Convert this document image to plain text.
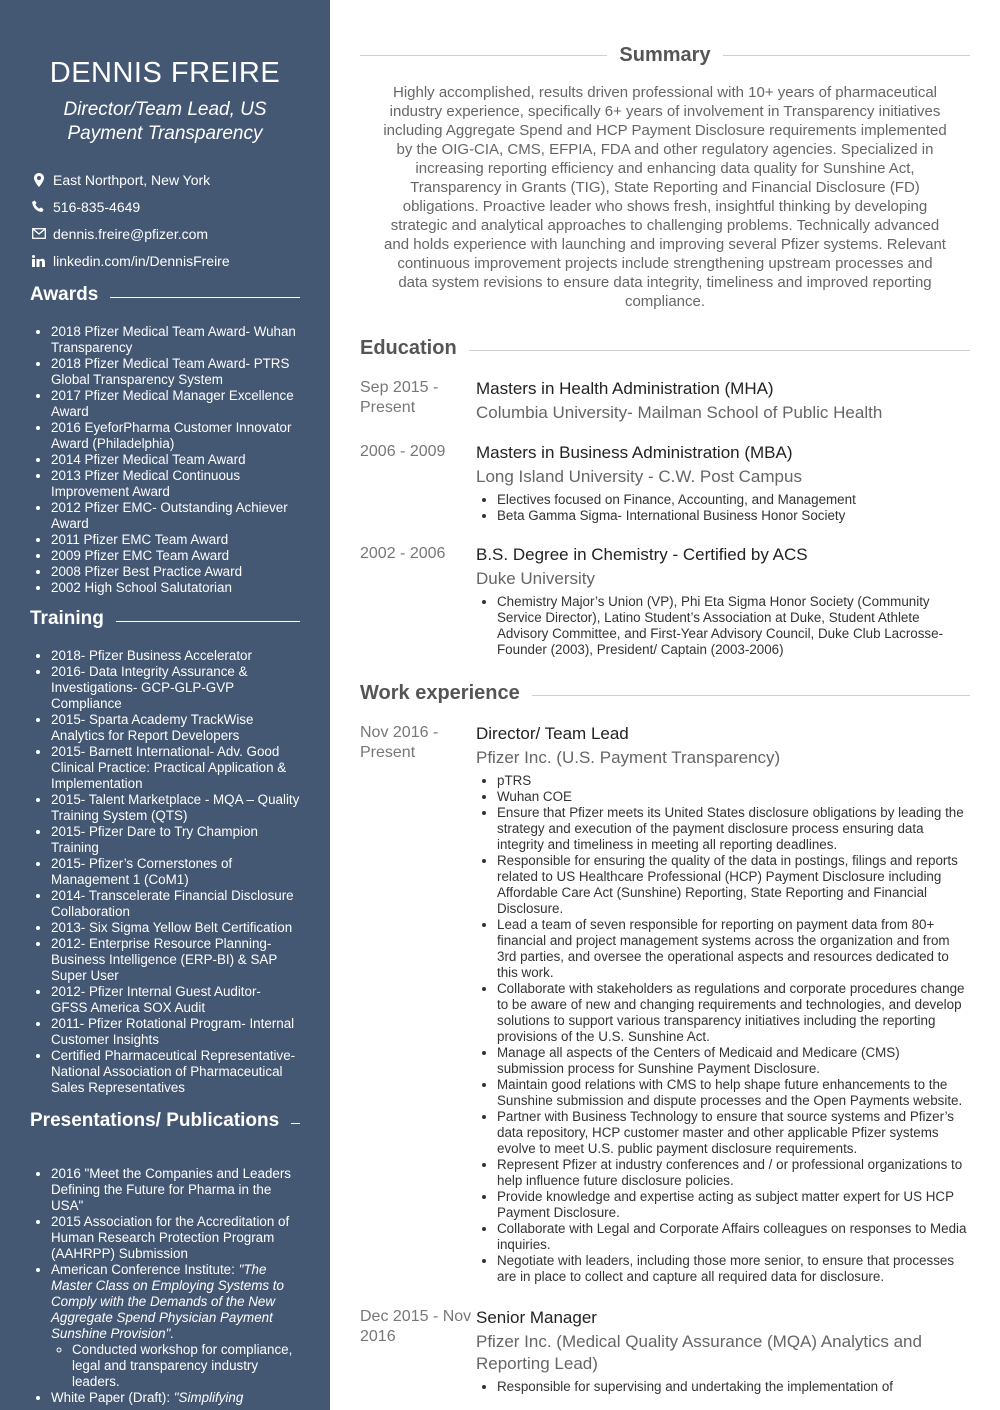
DENNIS FREIRE
Director/Team Lead, US Payment Transparency
East Northport, New York
516-835-4649
dennis.freire@pfizer.com
linkedin.com/in/DennisFreire
Awards
• 2018 Pfizer Medical Team Award- Wuhan Transparency
• 2018 Pfizer Medical Team Award- PTRS Global Transparency System
• 2017 Pfizer Medical Manager Excellence Award
• 2016 EyeforPharma Customer Innovator Award (Philadelphia)
• 2014 Pfizer Medical Team Award
• 2013 Pfizer Medical Continuous Improvement Award
• 2012 Pfizer EMC- Outstanding Achiever Award
• 2011 Pfizer EMC Team Award
• 2009 Pfizer EMC Team Award
• 2008 Pfizer Best Practice Award
• 2002 High School Salutatorian
Training
• 2018- Pfizer Business Accelerator
• 2016- Data Integrity Assurance & Investigations- GCP-GLP-GVP Compliance
• 2015- Sparta Academy TrackWise Analytics for Report Developers
• 2015- Barnett International- Adv. Good Clinical Practice: Practical Application & Implementation
• 2015- Talent Marketplace - MQA – Quality Training System (QTS)
• 2015- Pfizer Dare to Try Champion Training
• 2015- Pfizer’s Cornerstones of Management 1 (CoM1)
• 2014- Transcelerate Financial Disclosure Collaboration
• 2013- Six Sigma Yellow Belt Certification
• 2012- Enterprise Resource Planning- Business Intelligence (ERP-BI) & SAP Super User
• 2012- Pfizer Internal Guest Auditor- GFSS America SOX Audit
• 2011- Pfizer Rotational Program- Internal Customer Insights
• Certified Pharmaceutical Representative-National Association of Pharmaceutical Sales Representatives
Presentations/ Publications
• 2016 "Meet the Companies and Leaders Defining the Future for Pharma in the USA"
• 2015 Association for the Accreditation of Human Research Protection Program (AAHRPP) Submission
• American Conference Institute: "The Master Class on Employing Systems to Comply with the Demands of the New Aggregate Spend Physician Payment Sunshine Provision".
◦ Conducted workshop for compliance, legal and transparency industry leaders.
• White Paper (Draft): "Simplifying
Summary

Highly accomplished, results driven professional with 10+ years of pharmaceutical industry experience, specifically 6+ years of involvement in Transparency initiatives including Aggregate Spend and HCP Payment Disclosure requirements implemented by the OIG-CIA, CMS, EFPIA, FDA and other regulatory agencies. Specialized in increasing reporting efficiency and enhancing data quality for Sunshine Act, Transparency in Grants (TIG), State Reporting and Financial Disclosure (FD) obligations. Proactive leader who shows fresh, insightful thinking by developing strategic and analytical approaches to challenging problems. Technically advanced and holds experience with launching and improving several Pfizer systems. Relevant continuous improvement projects include strengthening upstream processes and data system revisions to ensure data integrity, timeliness and improved reporting compliance.

Education
Sep 2015 - Present
Masters in Health Administration (MHA)
Columbia University- Mailman School of Public Health
2006 - 2009	Masters in Business Administration (MBA)
Long Island University - C.W. Post Campus
• Electives focused on Finance, Accounting, and Management
• Beta Gamma Sigma- International Business Honor Society
2002 - 2006	B.S. Degree in Chemistry - Certified by ACS
Duke University
• Chemistry Major’s Union (VP), Phi Eta Sigma Honor Society (Community Service Director), Latino Student’s Association at Duke, Student Athlete Advisory Committee, and First-Year Advisory Council, Duke Club Lacrosse- Founder (2003), President/ Captain (2003-2006)
Work experience
Nov 2016 - Present
Director/ Team Lead
Pfizer Inc. (U.S. Payment Transparency)
• pTRS
• Wuhan COE
• Ensure that Pfizer meets its United States disclosure obligations by leading the strategy and execution of the payment disclosure process ensuring data integrity and timeliness in meeting all reporting deadlines.
• Responsible for ensuring the quality of the data in postings, filings and reports related to US Healthcare Professional (HCP) Payment Disclosure including Affordable Care Act (Sunshine) Reporting, State Reporting and Financial Disclosure.
• Lead a team of seven responsible for reporting on payment data from 80+ financial and project management systems across the organization and from 3rd parties, and oversee the operational aspects and resources dedicated to this work.
• Collaborate with stakeholders as regulations and corporate procedures change to be aware of new and changing requirements and technologies, and develop solutions to support various transparency initiatives including the reporting provisions of the U.S. Sunshine Act.
• Manage all aspects of the Centers of Medicaid and Medicare (CMS) submission process for Sunshine Payment Disclosure.
• Maintain good relations with CMS to help shape future enhancements to the Sunshine submission and dispute processes and the Open Payments website.
• Partner with Business Technology to ensure that source systems and Pfizer’s data repository, HCP customer master and other applicable Pfizer systems evolve to meet U.S. public payment disclosure requirements.
• Represent Pfizer at industry conferences and / or professional organizations to help influence future disclosure policies.
• Provide knowledge and expertise acting as subject matter expert for US HCP Payment Disclosure.
• Collaborate with Legal and Corporate Affairs colleagues on responses to Media inquiries.
• Negotiate with leaders, including those more senior, to ensure that processes are in place to collect and capture all required data for disclosure.
Dec 2015 - Nov 2016
Senior Manager
Pfizer Inc. (Medical Quality Assurance (MQA) Analytics and Reporting Lead)
• Responsible for supervising and undertaking the implementation of
